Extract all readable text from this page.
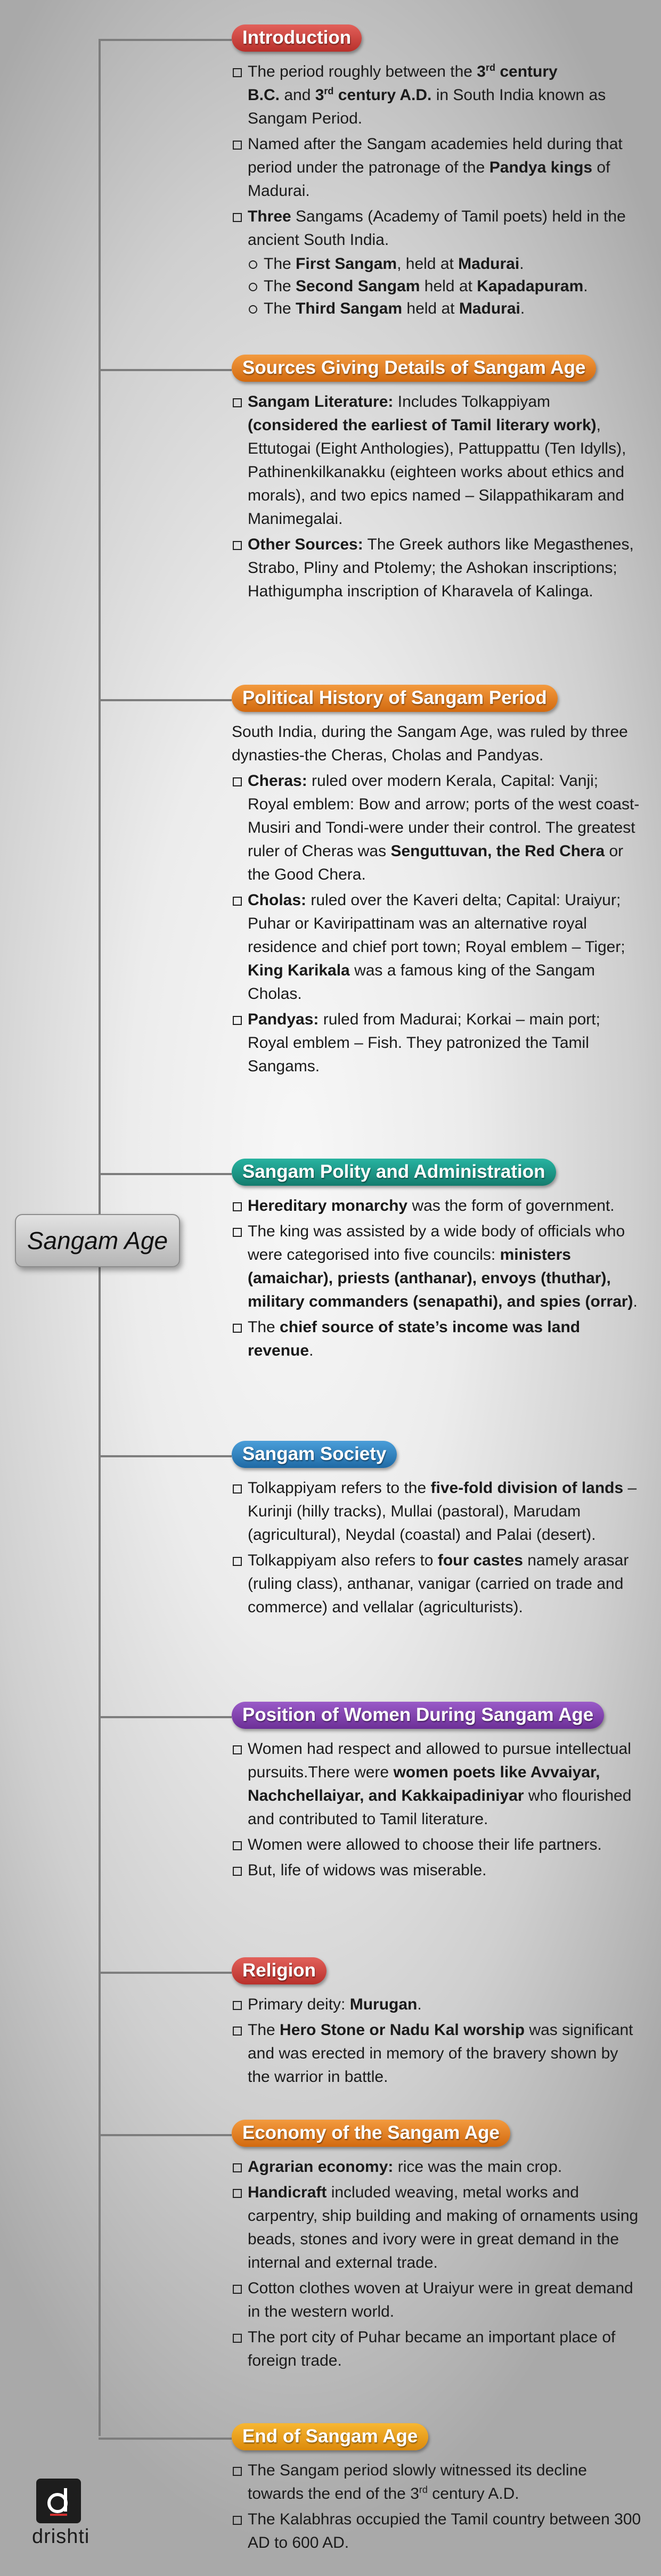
Sangam Age
Introduction
The period roughly between the 3rd century
B.C. and 3rd century A.D. in South India known as Sangam Period.
Named after the Sangam academies held during that period under the patronage of the Pandya kings of Madurai.
Three Sangams (Academy of Tamil poets) held in the ancient South India.
The First Sangam, held at Madurai.
The Second Sangam held at Kapadapuram.
The Third Sangam held at Madurai.
Sources Giving Details of Sangam Age
Sangam Literature: Includes Tolkappiyam (considered the earliest of Tamil literary work), Ettutogai (Eight Anthologies), Pattuppattu (Ten Idylls), Pathinenkilkanakku (eighteen works about ethics and morals), and two epics named – Silappathikaram and Manimegalai.
Other Sources: The Greek authors like Megasthenes, Strabo, Pliny and Ptolemy; the Ashokan inscriptions; Hathigumpha inscription of Kharavela of Kalinga.
Political History of Sangam Period

South India, during the Sangam Age, was ruled by three dynasties-the Cheras, Cholas and Pandyas.

Cheras: ruled over modern Kerala, Capital: Vanji; Royal emblem: Bow and arrow; ports of the west coast-Musiri and Tondi-were under their control. The greatest ruler of Cheras was Senguttuvan, the Red Chera or the Good Chera.
Cholas: ruled over the Kaveri delta; Capital: Uraiyur; Puhar or Kaviripattinam was an alternative royal residence and chief port town; Royal emblem – Tiger; King Karikala was a famous king of the Sangam Cholas.
Pandyas: ruled from Madurai; Korkai – main port; Royal emblem – Fish. They patronized the Tamil Sangams.
Sangam Polity and Administration
Hereditary monarchy was the form of government.
The king was assisted by a wide body of officials who were categorised into five councils: ministers (amaichar), priests (anthanar), envoys (thuthar), military commanders (senapathi), and spies (orrar).
The chief source of state’s income was land revenue.
Sangam Society
Tolkappiyam refers to the five-fold division of lands – Kurinji (hilly tracks), Mullai (pastoral), Marudam (agricultural), Neydal (coastal) and Palai (desert).
Tolkappiyam also refers to four castes namely arasar (ruling class), anthanar, vanigar (carried on trade and commerce) and vellalar (agriculturists).
Position of Women During Sangam Age
Women had respect and allowed to pursue intellectual pursuits.There were women poets like Avvaiyar, Nachchellaiyar, and Kakkaipadiniyar who flourished and contributed to Tamil literature.
Women were allowed to choose their life partners.
But, life of widows was miserable.
Religion
Primary deity: Murugan.
The Hero Stone or Nadu Kal worship was significant and was erected in memory of the bravery shown by the warrior in battle.
Economy of the Sangam Age
Agrarian economy: rice was the main crop.
Handicraft included weaving, metal works and carpentry, ship building and making of ornaments using beads, stones and ivory were in great demand in the internal and external trade.
Cotton clothes woven at Uraiyur were in great demand in the western world.
The port city of Puhar became an important place of foreign trade.
End of Sangam Age
The Sangam period slowly witnessed its decline towards the end of the 3rd century A.D.
The Kalabhras occupied the Tamil country between 300 AD to 600 AD.
drishti
